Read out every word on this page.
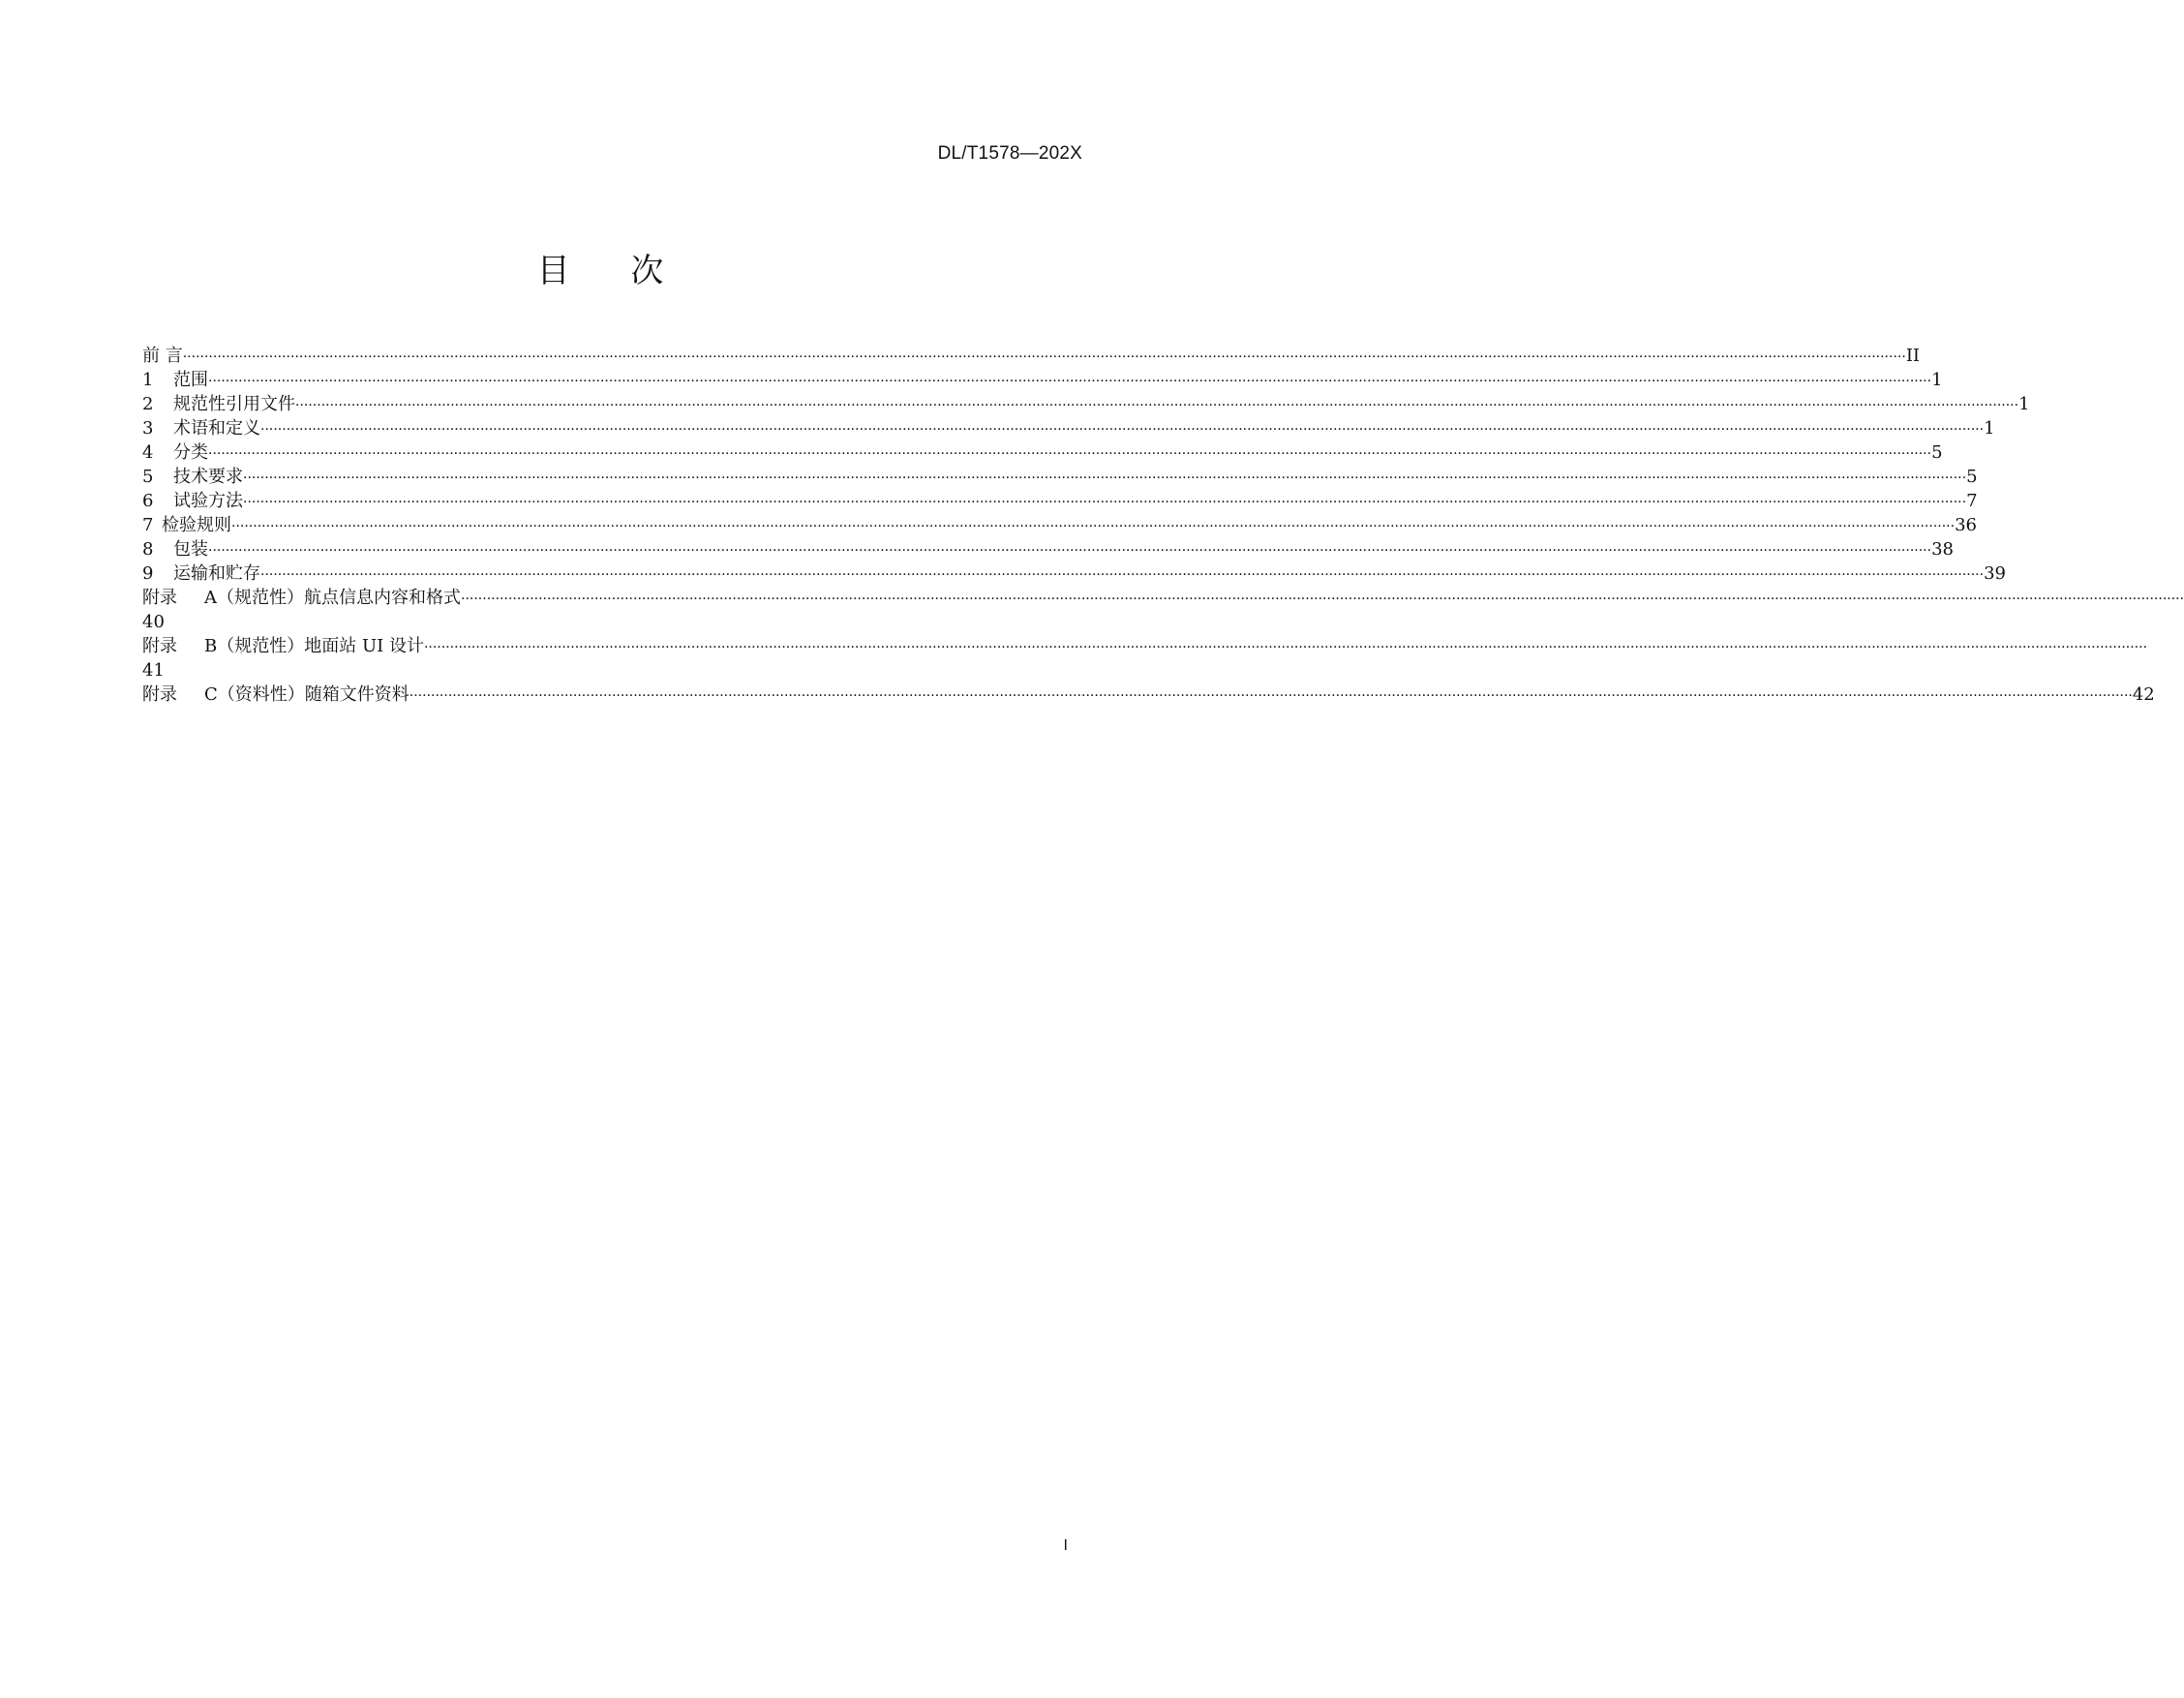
DL/T1578—202X
目 次
前 言 ················································································································································································································································································································································································································ II
1	范围 ················································································································································································································································································································································································································ 1
2	规范性引用文件 ················································································································································································································································································································································································································ 1
3	术语和定义 ················································································································································································································································································································································································································ 1
4	分类 ················································································································································································································································································································································································································ 5
5	技术要求 ················································································································································································································································································································································································································ 5
6	试验方法 ················································································································································································································································································································································································································ 7
7 检验规则 ················································································································································································································································································································································································································ 36
8	包装 ················································································································································································································································································································································································································ 38
9	运输和贮存 ················································································································································································································································································································································································································ 39
附录	A（规范性）航点信息内容和格式 ················································································································································································································································································································································································································
40
附录	B（规范性）地面站 UI 设计 ················································································································································································································································································································································································································
41
附录	C（资料性）随箱文件资料 ················································································································································································································································································································································································································ 42
I
